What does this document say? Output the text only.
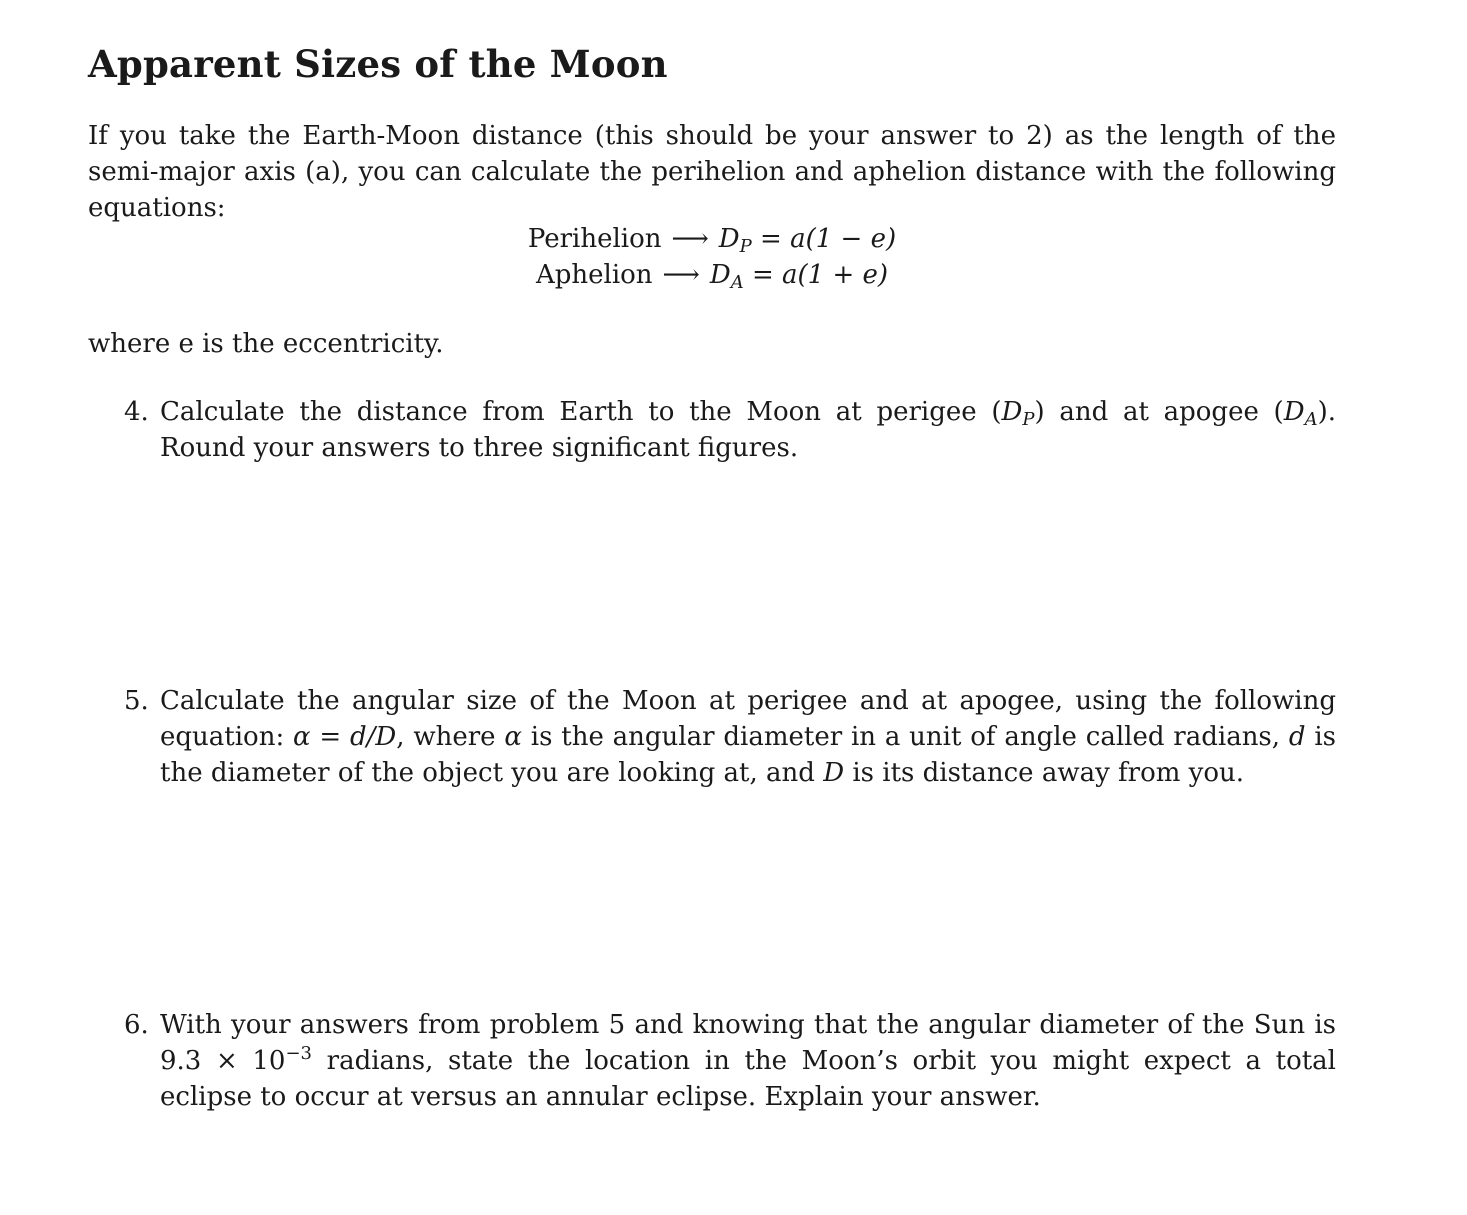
Apparent Sizes of the Moon

If you take the Earth-Moon distance (this should be your answer to 2) as the length of the semi-major axis (a), you can calculate the perihelion and aphelion distance with the following equations:

Perihelion ⟶ $D_P = a(1 - e)$
Aphelion ⟶ $D_A = a(1 + e)$

where e is the eccentricity.

4. Calculate the distance from Earth to the Moon at perigee $(D_P)$ and at apogee $(D_A)$. Round your answers to three significant figures.
5. Calculate the angular size of the Moon at perigee and at apogee, using the following equation: α = d/D, where α is the angular diameter in a unit of angle called radians, d is the diameter of the object you are looking at, and D is its distance away from you.
6. With your answers from problem 5 and knowing that the angular diameter of the Sun is $9.3 \times 10^{-3}$ radians, state the location in the Moon’s orbit you might expect a total eclipse to occur at versus an annular eclipse. Explain your answer.
